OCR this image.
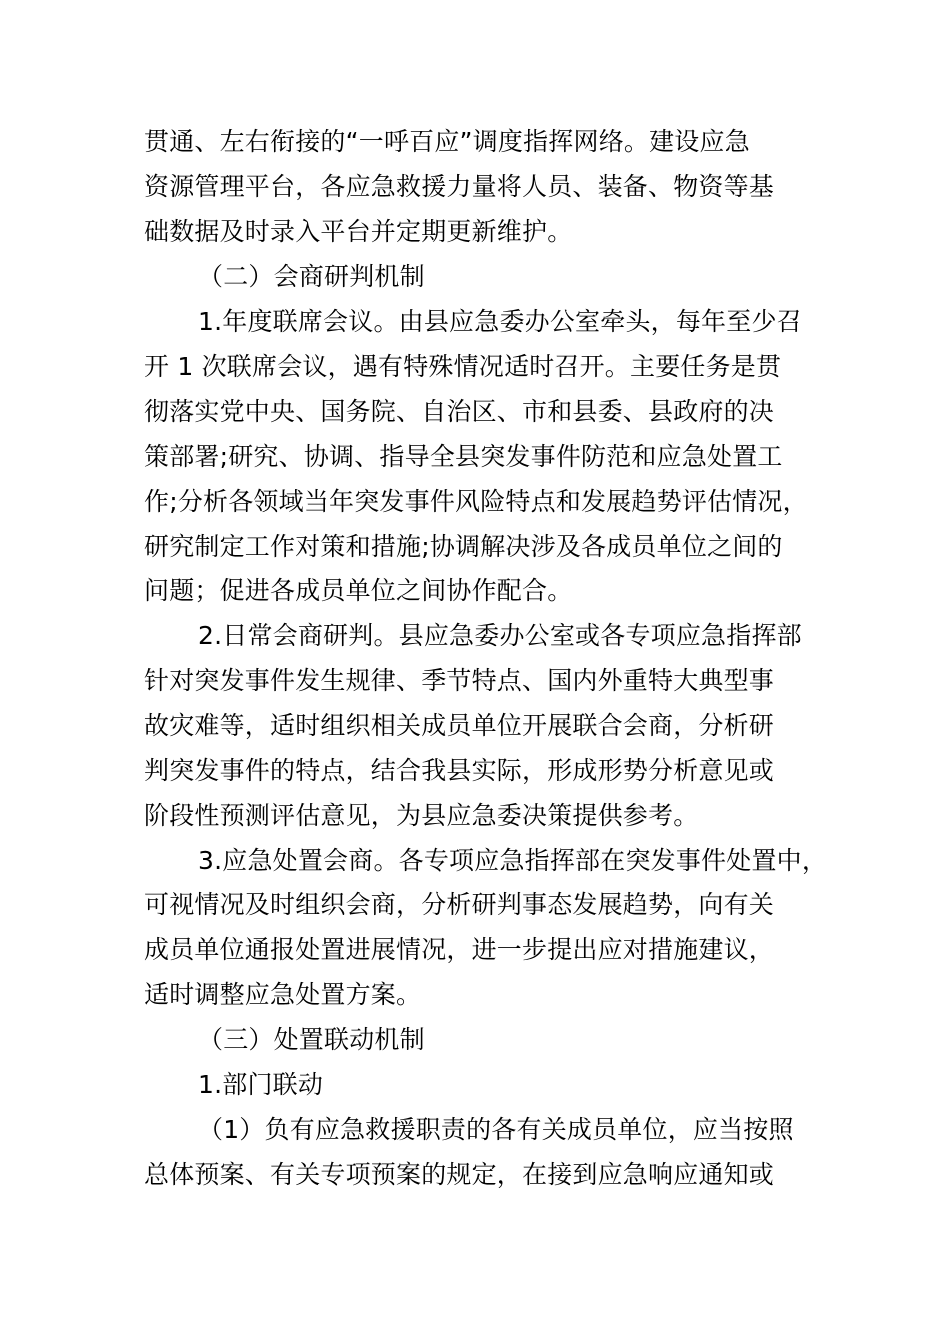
贯通、左右衔接的“一呼百应”调度指挥网络。建设应急
资源管理平台，各应急救援力量将人员、装备、物资等基
础数据及时录入平台并定期更新维护。
（二）会商研判机制
1.年度联席会议。由县应急委办公室牵头，每年至少召
开 1 次联席会议，遇有特殊情况适时召开。主要任务是贯
彻落实党中央、国务院、自治区、市和县委、县政府的决
策部署;研究、协调、指导全县突发事件防范和应急处置工
作;分析各领域当年突发事件风险特点和发展趋势评估情况，
研究制定工作对策和措施;协调解决涉及各成员单位之间的
问题；促进各成员单位之间协作配合。
2.日常会商研判。县应急委办公室或各专项应急指挥部
针对突发事件发生规律、季节特点、国内外重特大典型事
故灾难等，适时组织相关成员单位开展联合会商，分析研
判突发事件的特点，结合我县实际，形成形势分析意见或
阶段性预测评估意见，为县应急委决策提供参考。
3.应急处置会商。各专项应急指挥部在突发事件处置中，
可视情况及时组织会商，分析研判事态发展趋势，向有关
成员单位通报处置进展情况，进一步提出应对措施建议，
适时调整应急处置方案。
（三）处置联动机制
1.部门联动
（1）负有应急救援职责的各有关成员单位，应当按照
总体预案、有关专项预案的规定，在接到应急响应通知或
